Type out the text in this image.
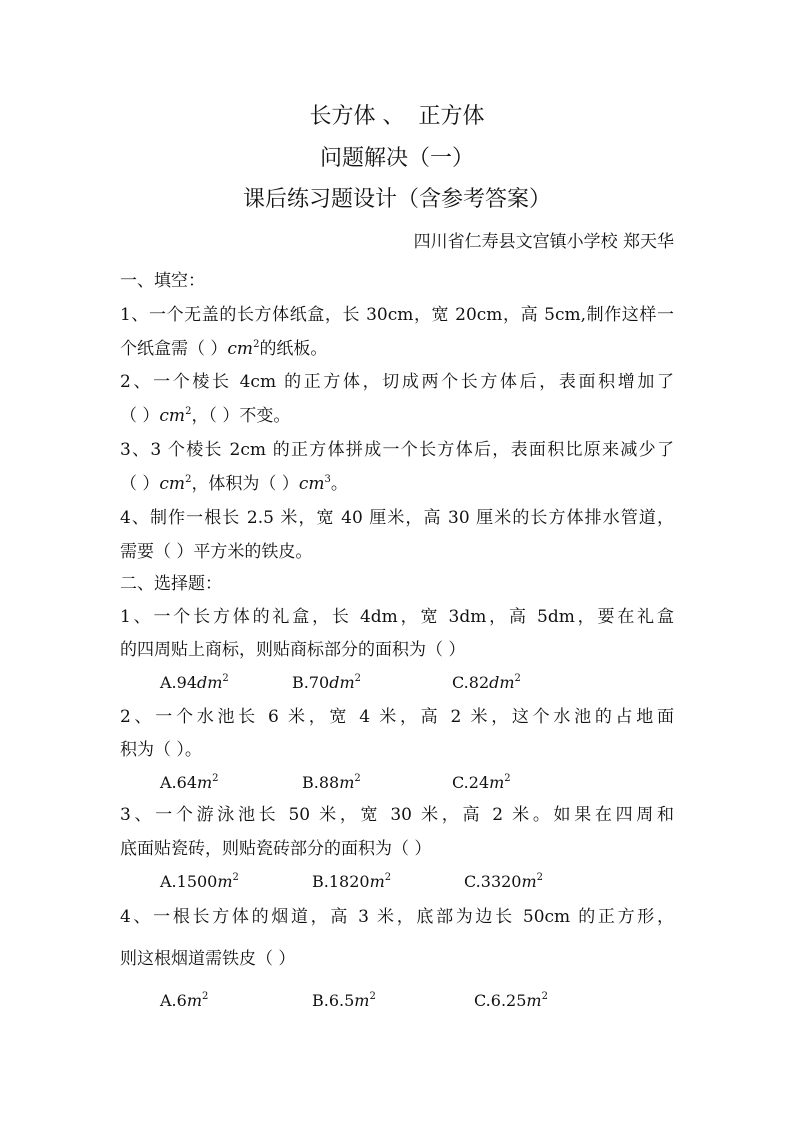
长方体 、  正方体
问题解决（一）
课后练习题设计（含参考答案）
四川省仁寿县文宫镇小学校 郑天华
一、填空：
1、一个无盖的长方体纸盒，长 30cm，宽 20cm，高 5cm,制作这样一
个纸盒需（ ）$cm^2$的纸板。
2、一个棱长 4cm 的正方体，切成两个长方体后，表面积增加了
（ ）$cm^2$，（ ）不变。
3、3 个棱长 2cm 的正方体拼成一个长方体后，表面积比原来减少了
（ ）$cm^2$，体积为（ ）$cm^3$。
4、制作一根长 2.5 米，宽 40 厘米，高 30 厘米的长方体排水管道，
需要（ ）平方米的铁皮。
二、选择题：
1、一个长方体的礼盒，长 4dm，宽 3dm，高 5dm，要在礼盒
的四周贴上商标，则贴商标部分的面积为（ ）
$A.94dm^2$	$B.70dm^2$	$C.82dm^2$
2、一个水池长 6 米，宽 4 米，高 2 米，这个水池的占地面
积为（ ）。
$A.64m^2$	$B.88m^2$	$C.24m^2$
3、一个游泳池长 50 米，宽 30 米，高 2 米。如果在四周和
底面贴瓷砖，则贴瓷砖部分的面积为（ ）
$A.1500m^2$	$B.1820m^2$	$C.3320m^2$
4、一根长方体的烟道，高 3 米，底部为边长 50cm 的正方形，
则这根烟道需铁皮（ ）
$A.6m^2$	$B.6.5m^2$	$C.6.25m^2$
